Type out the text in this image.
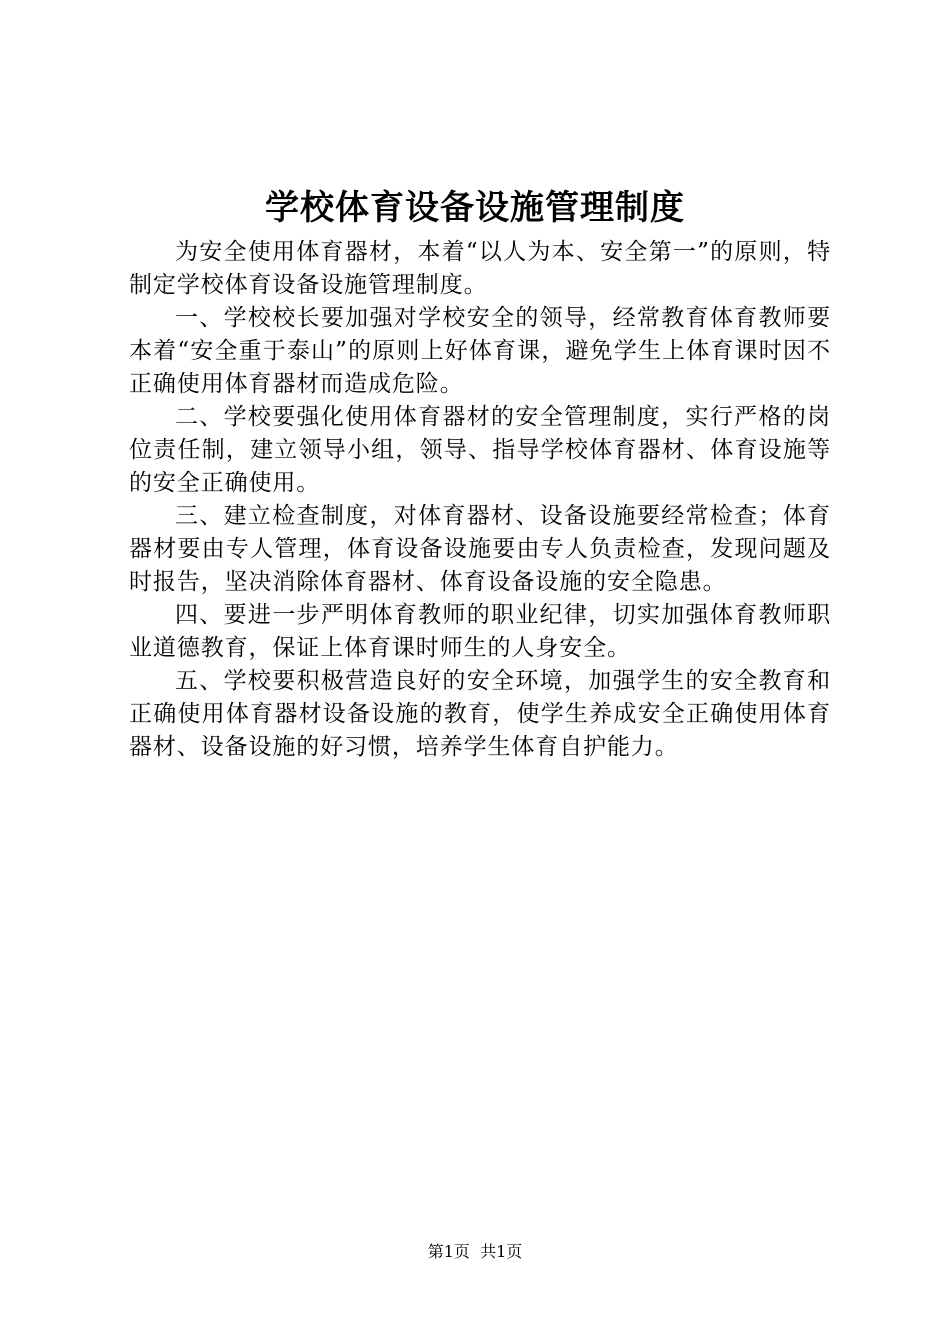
学校体育设备设施管理制度

为安全使用体育器材，本着“以人为本、安全第一”的原则，特制定学校体育设备设施管理制度。

一、学校校长要加强对学校安全的领导，经常教育体育教师要本着“安全重于泰山”的原则上好体育课，避免学生上体育课时因不正确使用体育器材而造成危险。

二、学校要强化使用体育器材的安全管理制度，实行严格的岗位责任制，建立领导小组，领导、指导学校体育器材、体育设施等的安全正确使用。

三、建立检查制度，对体育器材、设备设施要经常检查；体育器材要由专人管理，体育设备设施要由专人负责检查，发现问题及时报告，坚决消除体育器材、体育设备设施的安全隐患。

四、要进一步严明体育教师的职业纪律，切实加强体育教师职业道德教育，保证上体育课时师生的人身安全。

五、学校要积极营造良好的安全环境，加强学生的安全教育和正确使用体育器材设备设施的教育，使学生养成安全正确使用体育器材、设备设施的好习惯，培养学生体育自护能力。

第1页 共1页
